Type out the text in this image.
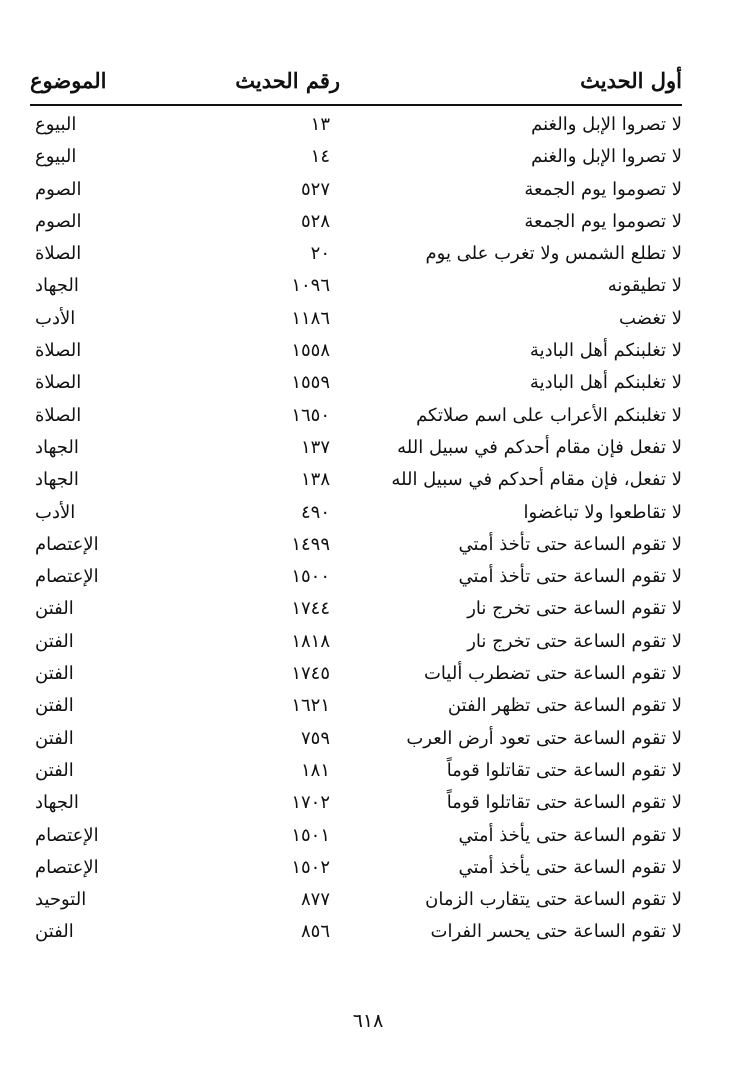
أول الحديث
رقم الحديث
الموضوع
لا تصروا الإبل والغنم
١٣
البيوع
لا تصروا الإبل والغنم
١٤
البيوع
لا تصوموا يوم الجمعة
٥٢٧
الصوم
لا تصوموا يوم الجمعة
٥٢٨
الصوم
لا تطلع الشمس ولا تغرب على يوم
٢٠
الصلاة
لا تطيقونه
١٠٩٦
الجهاد
لا تغضب
١١٨٦
الأدب
لا تغلبنكم أهل البادية
١٥٥٨
الصلاة
لا تغلبنكم أهل البادية
١٥٥٩
الصلاة
لا تغلبنكم الأعراب على اسم صلاتكم
١٦٥٠
الصلاة
لا تفعل فإن مقام أحدكم في سبيل الله
١٣٧
الجهاد
لا تفعل، فإن مقام أحدكم في سبيل الله
١٣٨
الجهاد
لا تقاطعوا ولا تباغضوا
٤٩٠
الأدب
لا تقوم الساعة حتى تأخذ أمتي
١٤٩٩
الإعتصام
لا تقوم الساعة حتى تأخذ أمتي
١٥٠٠
الإعتصام
لا تقوم الساعة حتى تخرج نار
١٧٤٤
الفتن
لا تقوم الساعة حتى تخرج نار
١٨١٨
الفتن
لا تقوم الساعة حتى تضطرب أليات
١٧٤٥
الفتن
لا تقوم الساعة حتى تظهر الفتن
١٦٢١
الفتن
لا تقوم الساعة حتى تعود أرض العرب
٧٥٩
الفتن
لا تقوم الساعة حتى تقاتلوا قوماً
١٨١
الفتن
لا تقوم الساعة حتى تقاتلوا قوماً
١٧٠٢
الجهاد
لا تقوم الساعة حتى يأخذ أمتي
١٥٠١
الإعتصام
لا تقوم الساعة حتى يأخذ أمتي
١٥٠٢
الإعتصام
لا تقوم الساعة حتى يتقارب الزمان
٨٧٧
التوحيد
لا تقوم الساعة حتى يحسر الفرات
٨٥٦
الفتن
٦١٨
